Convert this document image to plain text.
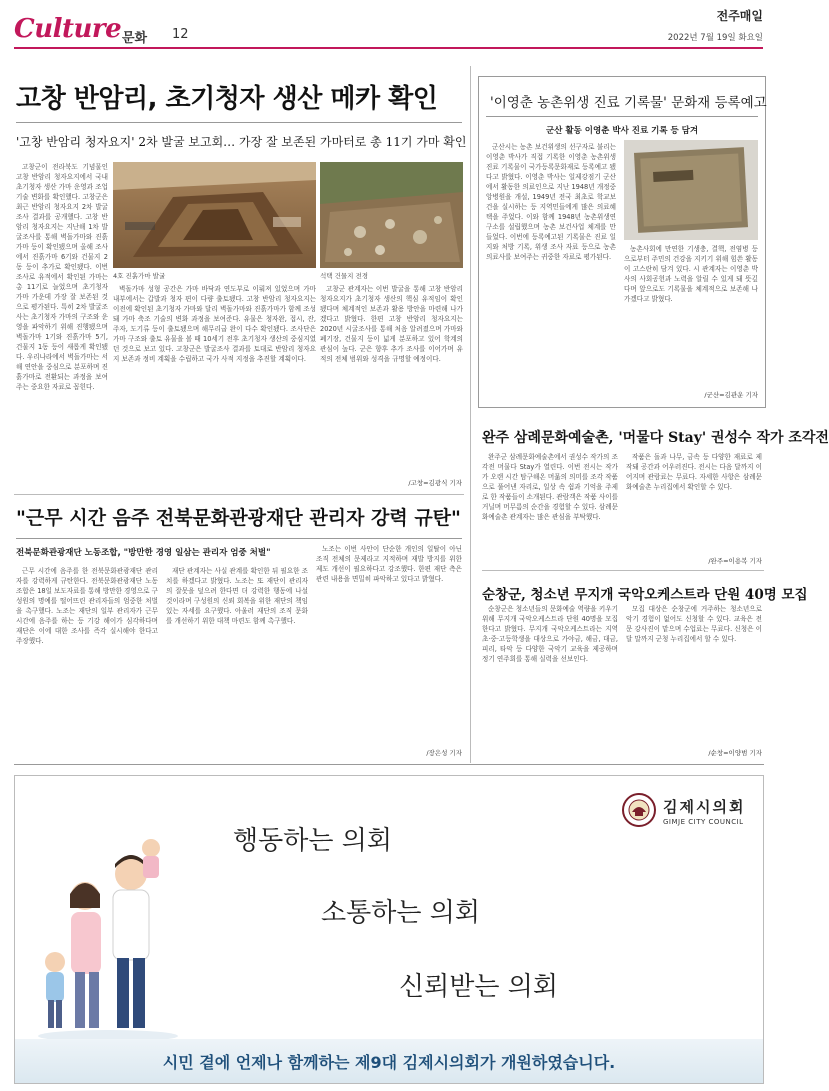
Culture 문화 12
전주매일
2022년 7월 19일 화요일
고창 반암리, 초기청자 생산 메카 확인
'고창 반암리 청자요지' 2차 발굴 보고회… 가장 잘 보존된 가마터로 총 11기 가마 확인

고창군이 전라북도 기념물인 고창 반암리 청자요지에서 국내 초기청자 생산 가마 운영과 조업 기술 변화를 확인했다. 고창군은 최근 반암리 청자요지 2차 발굴조사 결과를 공개했다. 고창 반암리 청자요지는 지난해 1차 발굴조사를 통해 벽돌가마와 진흙가마 등이 확인됐으며 올해 조사에서 진흙가마 6기와 건물지 2동 등이 추가로 확인됐다. 이번 조사로 유적에서 확인된 가마는 총 11기로 늘었으며 초기청자 가마 가운데 가장 잘 보존된 것으로 평가된다. 특히 2차 발굴조사는 초기청자 가마의 구조와 운영을 파악하기 위해 진행됐으며 벽돌가마 1기와 진흙가마 5기, 건물지 1동 등이 새롭게 확인됐다. 우리나라에서 벽돌가마는 서해 연안을 중심으로 분포하며 진흙가마로 전환되는 과정을 보여주는 중요한 자료로 꼽힌다.

4호 진흙가마 발굴	석택 건물지 전경

벽돌가마 성형 공간은 가마 바닥과 연도부로 이뤄져 있었으며 가마 내부에서는 갑발과 청자 편이 다량 출토됐다. 고창 반암리 청자요지는 이전에 확인된 초기청자 가마와 달리 벽돌가마와 진흙가마가 함께 조성돼 가마 축조 기술의 변화 과정을 보여준다. 유물은 청자완, 접시, 잔, 주자, 도기류 등이 출토됐으며 해무리굽 완이 다수 확인됐다. 조사단은 가마 구조와 출토 유물을 볼 때 10세기 전후 초기청자 생산의 중심지였던 것으로 보고 있다. 고창군은 발굴조사 결과를 토대로 반암리 청자요지 보존과 정비 계획을 수립하고 국가 사적 지정을 추진할 계획이다.

고창군 관계자는 이번 발굴을 통해 고창 반암리 청자요지가 초기청자 생산의 핵심 유적임이 확인됐다며 체계적인 보존과 활용 방안을 마련해 나가겠다고 밝혔다. 한편 고창 반암리 청자요지는 2020년 시굴조사를 통해 처음 알려졌으며 가마와 폐기장, 건물지 등이 넓게 분포하고 있어 학계의 관심이 높다. 군은 향후 추가 조사를 이어가며 유적의 전체 범위와 성격을 규명할 예정이다.

/고창=김광식 기자
'이영춘 농촌위생 진료 기록물' 문화재 등록예고
군산 활동 이영춘 박사 진료 기록 등 담겨

군산시는 농촌 보건위생의 선구자로 불리는 이영춘 박사가 직접 기록한 이영춘 농촌위생 진료 기록물이 국가등록문화재로 등록예고 됐다고 밝혔다. 이영춘 박사는 일제강점기 군산에서 활동한 의료인으로 지난 1948년 개정중앙병원을 개설, 1949년 전국 최초로 학교보건을 실시하는 등 지역민들에게 많은 의료혜택을 주었다. 이와 함께 1948년 농촌위생연구소를 설립했으며 농촌 보건사업 체계를 만들었다. 이번에 등록예고된 기록물은 진료 일지와 처방 기록, 위생 조사 자료 등으로 농촌 의료사를 보여주는 귀중한 자료로 평가된다.

농촌사회에 만연한 기생충, 결핵, 전염병 등으로부터 주민의 건강을 지키기 위해 힘쓴 활동이 고스란히 담겨 있다. 시 관계자는 이영춘 박사의 사회공헌과 노력을 알릴 수 있게 돼 뜻깊다며 앞으로도 기록물을 체계적으로 보존해 나가겠다고 밝혔다.

/군산=김관운 기자
완주 삼례문화예술촌, '머물다 Stay' 권성수 작가 조각전

완주군 삼례문화예술촌에서 권성수 작가의 조각전 머물다 Stay가 열린다. 이번 전시는 작가가 오랜 시간 탐구해온 머묾의 의미를 조각 작품으로 풀어낸 자리로, 일상 속 쉼과 기억을 주제로 한 작품들이 소개된다. 관람객은 작품 사이를 거닐며 머무름의 순간을 경험할 수 있다. 삼례문화예술촌 관계자는 많은 관심을 부탁했다.

작품은 돌과 나무, 금속 등 다양한 재료로 제작돼 공간과 어우러진다. 전시는 다음 달까지 이어지며 관람료는 무료다. 자세한 사항은 삼례문화예술촌 누리집에서 확인할 수 있다.

/완주=이용복 기자
"근무 시간 음주 전북문화관광재단 관리자 강력 규탄"
전북문화관광재단 노동조합, "방만한 경영 일삼는 관리자 엄중 처벌"

근무 시간에 음주를 한 전북문화관광재단 관리자를 강력하게 규탄한다. 전북문화관광재단 노동조합은 18일 보도자료를 통해 방만한 경영으로 구성원의 명예를 떨어뜨린 관리자들의 엄중한 처벌을 촉구했다. 노조는 재단의 일부 관리자가 근무 시간에 음주를 하는 등 기강 해이가 심각하다며 재단은 이에 대한 조사를 즉각 실시해야 한다고 주장했다.

재단 관계자는 사실 관계를 확인한 뒤 필요한 조치를 하겠다고 밝혔다. 노조는 또 재단이 관리자의 잘못을 덮으려 한다면 더 강력한 행동에 나설 것이라며 구성원의 신뢰 회복을 위한 재단의 책임 있는 자세를 요구했다. 아울러 재단의 조직 문화를 개선하기 위한 대책 마련도 함께 촉구했다.

노조는 이번 사안이 단순한 개인의 일탈이 아닌 조직 전체의 문제라고 지적하며 재발 방지를 위한 제도 개선이 필요하다고 강조했다. 한편 재단 측은 관련 내용을 면밀히 파악하고 있다고 밝혔다.

/장은성 기자
순창군, 청소년 무지개 국악오케스트라 단원 40명 모집

순창군은 청소년들의 문화예술 역량을 키우기 위해 무지개 국악오케스트라 단원 40명을 모집한다고 밝혔다. 무지개 국악오케스트라는 지역 초·중·고등학생을 대상으로 가야금, 해금, 대금, 피리, 타악 등 다양한 국악기 교육을 제공하며 정기 연주회를 통해 실력을 선보인다.

모집 대상은 순창군에 거주하는 청소년으로 악기 경험이 없어도 신청할 수 있다. 교육은 전문 강사진이 맡으며 수업료는 무료다. 신청은 이달 말까지 군청 누리집에서 할 수 있다.

/순창=이양범 기자
행동하는 의회
소통하는 의회
신뢰받는 의회
김제시의회
GIMJE CITY COUNCIL
시민 곁에 언제나 함께하는 제9대 김제시의회가 개원하였습니다.
